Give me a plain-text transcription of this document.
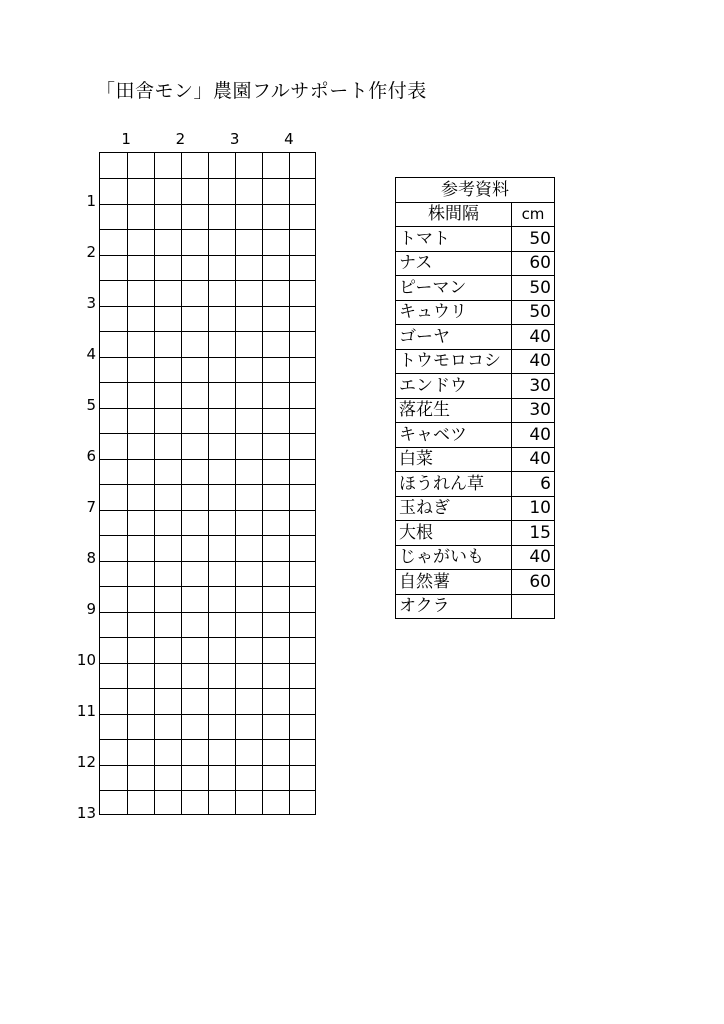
「田舎モン」農園フルサポート作付表
1	2	3	4
1
2
3
4
5
6
7
8
9
10
11
12
13
参考資料	
株間隔	cm
トマト	50
ナス	60
ピーマン	50
キュウリ	50
ゴーヤ	40
トウモロコシ	40
エンドウ	30
落花生	30
キャベツ	40
白菜	40
ほうれん草	6
玉ねぎ	10
大根	15
じゃがいも	40
自然薯	60
オクラ	
